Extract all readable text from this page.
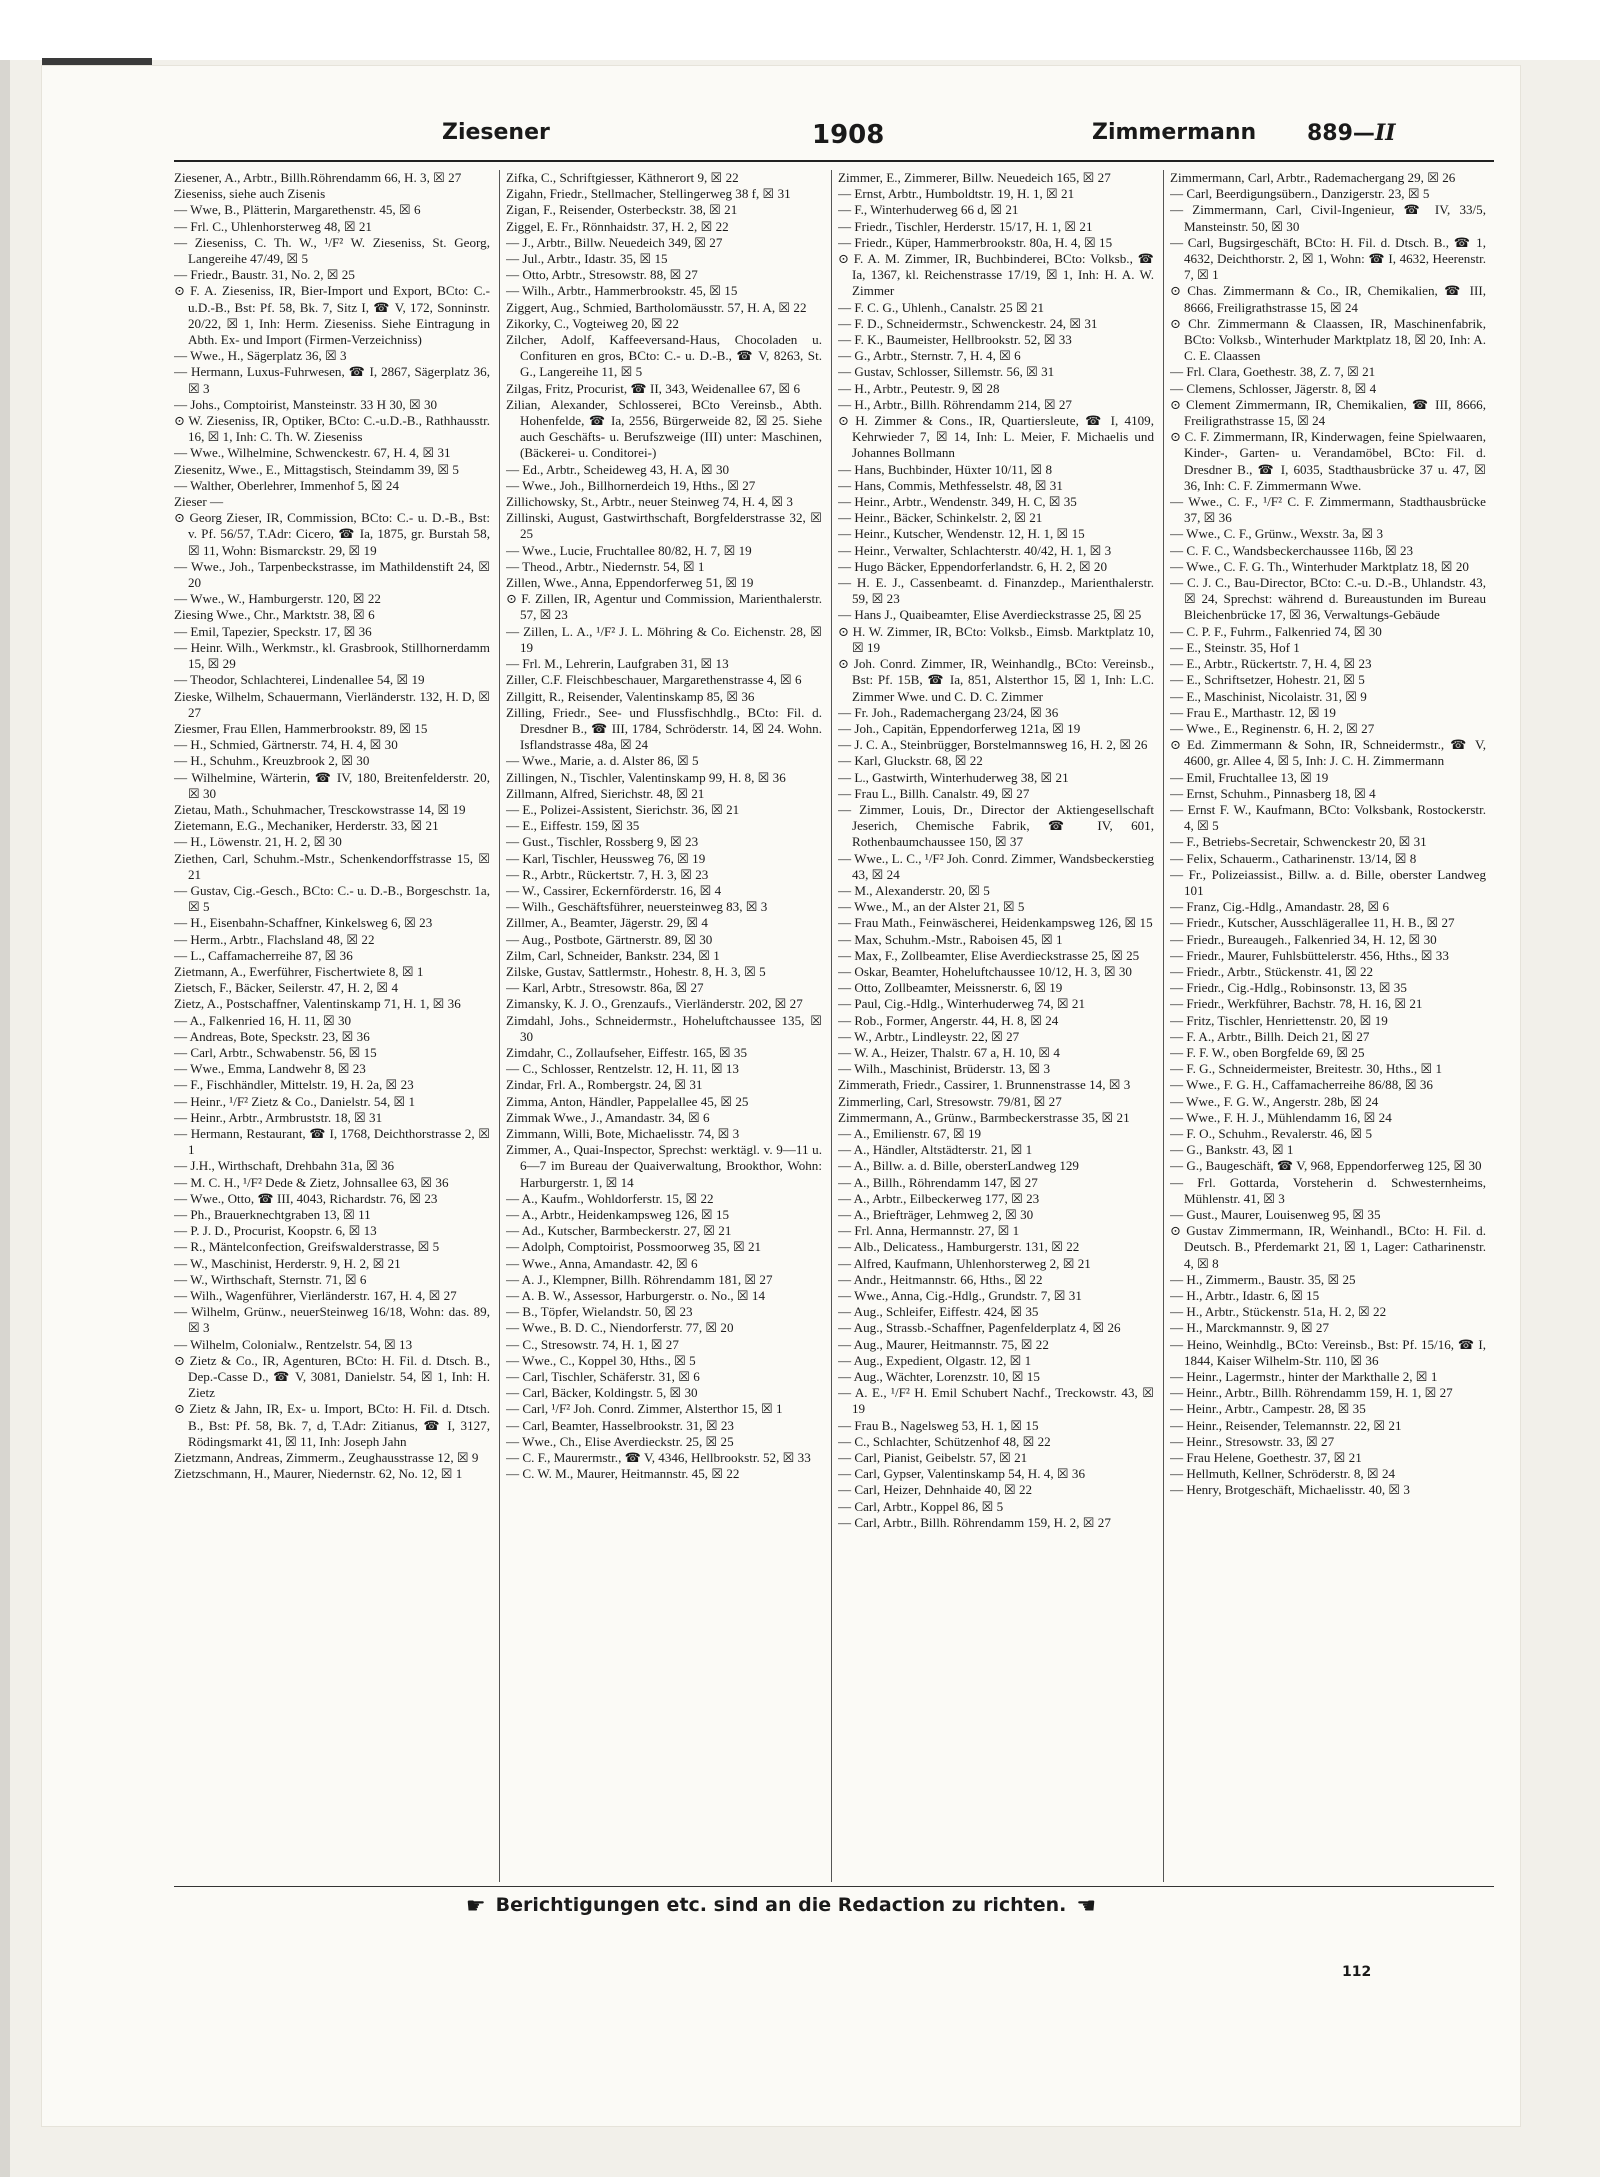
Ziesener	1908	Zimmermann 889—II

Ziesener, A., Arbtr., Billh.Röhrendamm 66, H. 3, ☒ 27

Zieseniss, siehe auch Zisenis

— Wwe, B., Plätterin, Margarethenstr. 45, ☒ 6

— Frl. C., Uhlenhorsterweg 48, ☒ 21

— Zieseniss, C. Th. W., ¹/F² W. Zieseniss, St. Georg, Langereihe 47/49, ☒ 5

— Friedr., Baustr. 31, No. 2, ☒ 25

⊙ F. A. Zieseniss, IR, Bier-Import und Export, BCto: C.-u.D.-B., Bst: Pf. 58, Bk. 7, Sitz I, ☎ V, 172, Sonninstr. 20/22, ☒ 1, Inh: Herm. Zieseniss. Siehe Eintragung in Abth. Ex- und Import (Firmen-Verzeichniss)

— Wwe., H., Sägerplatz 36, ☒ 3

— Hermann, Luxus-Fuhrwesen, ☎ I, 2867, Sägerplatz 36, ☒ 3

— Johs., Comptoirist, Mansteinstr. 33 H 30, ☒ 30

⊙ W. Zieseniss, IR, Optiker, BCto: C.-u.D.-B., Rathhausstr. 16, ☒ 1, Inh: C. Th. W. Zieseniss

— Wwe., Wilhelmine, Schwenckestr. 67, H. 4, ☒ 31

Ziesenitz, Wwe., E., Mittagstisch, Steindamm 39, ☒ 5

— Walther, Oberlehrer, Immenhof 5, ☒ 24

Zieser —

⊙ Georg Zieser, IR, Commission, BCto: C.- u. D.-B., Bst: v. Pf. 56/57, T.Adr: Cicero, ☎ Ia, 1875, gr. Burstah 58, ☒ 11, Wohn: Bismarckstr. 29, ☒ 19

— Wwe., Joh., Tarpenbeckstrasse, im Mathildenstift 24, ☒ 20

— Wwe., W., Hamburgerstr. 120, ☒ 22

Ziesing Wwe., Chr., Marktstr. 38, ☒ 6

— Emil, Tapezier, Speckstr. 17, ☒ 36

— Heinr. Wilh., Werkmstr., kl. Grasbrook, Stillhornerdamm 15, ☒ 29

— Theodor, Schlachterei, Lindenallee 54, ☒ 19

Zieske, Wilhelm, Schauermann, Vierländerstr. 132, H. D, ☒ 27

Ziesmer, Frau Ellen, Hammerbrookstr. 89, ☒ 15

— H., Schmied, Gärtnerstr. 74, H. 4, ☒ 30

— H., Schuhm., Kreuzbrook 2, ☒ 30

— Wilhelmine, Wärterin, ☎ IV, 180, Breitenfelderstr. 20, ☒ 30

Zietau, Math., Schuhmacher, Tresckowstrasse 14, ☒ 19

Zietemann, E.G., Mechaniker, Herderstr. 33, ☒ 21

— H., Löwenstr. 21, H. 2, ☒ 30

Ziethen, Carl, Schuhm.-Mstr., Schenkendorffstrasse 15, ☒ 21

— Gustav, Cig.-Gesch., BCto: C.- u. D.-B., Borgeschstr. 1a, ☒ 5

— H., Eisenbahn-Schaffner, Kinkelsweg 6, ☒ 23

— Herm., Arbtr., Flachsland 48, ☒ 22

— L., Caffamacherreihe 87, ☒ 36

Zietmann, A., Ewerführer, Fischertwiete 8, ☒ 1

Zietsch, F., Bäcker, Seilerstr. 47, H. 2, ☒ 4

Zietz, A., Postschaffner, Valentinskamp 71, H. 1, ☒ 36

— A., Falkenried 16, H. 11, ☒ 30

— Andreas, Bote, Speckstr. 23, ☒ 36

— Carl, Arbtr., Schwabenstr. 56, ☒ 15

— Wwe., Emma, Landwehr 8, ☒ 23

— F., Fischhändler, Mittelstr. 19, H. 2a, ☒ 23

— Heinr., ¹/F² Zietz & Co., Danielstr. 54, ☒ 1

— Heinr., Arbtr., Armbruststr. 18, ☒ 31

— Hermann, Restaurant, ☎ I, 1768, Deichthorstrasse 2, ☒ 1

— J.H., Wirthschaft, Drehbahn 31a, ☒ 36

— M. C. H., ¹/F² Dede & Zietz, Johnsallee 63, ☒ 36

— Wwe., Otto, ☎ III, 4043, Richardstr. 76, ☒ 23

— Ph., Brauerknechtgraben 13, ☒ 11

— P. J. D., Procurist, Koopstr. 6, ☒ 13

— R., Mäntelconfection, Greifswalderstrasse, ☒ 5

— W., Maschinist, Herderstr. 9, H. 2, ☒ 21

— W., Wirthschaft, Sternstr. 71, ☒ 6

— Wilh., Wagenführer, Vierländerstr. 167, H. 4, ☒ 27

— Wilhelm, Grünw., neuerSteinweg 16/18, Wohn: das. 89, ☒ 3

— Wilhelm, Colonialw., Rentzelstr. 54, ☒ 13

⊙ Zietz & Co., IR, Agenturen, BCto: H. Fil. d. Dtsch. B., Dep.-Casse D., ☎ V, 3081, Danielstr. 54, ☒ 1, Inh: H. Zietz

⊙ Zietz & Jahn, IR, Ex- u. Import, BCto: H. Fil. d. Dtsch. B., Bst: Pf. 58, Bk. 7, d, T.Adr: Zitianus, ☎ I, 3127, Rödingsmarkt 41, ☒ 11, Inh: Joseph Jahn

Zietzmann, Andreas, Zimmerm., Zeughausstrasse 12, ☒ 9

Zietzschmann, H., Maurer, Niedernstr. 62, No. 12, ☒ 1

Zifka, C., Schriftgiesser, Käthnerort 9, ☒ 22

Zigahn, Friedr., Stellmacher, Stellingerweg 38 f, ☒ 31

Zigan, F., Reisender, Osterbeckstr. 38, ☒ 21

Ziggel, E. Fr., Rönnhaidstr. 37, H. 2, ☒ 22

— J., Arbtr., Billw. Neuedeich 349, ☒ 27

— Jul., Arbtr., Idastr. 35, ☒ 15

— Otto, Arbtr., Stresowstr. 88, ☒ 27

— Wilh., Arbtr., Hammerbrookstr. 45, ☒ 15

Ziggert, Aug., Schmied, Bartholomäusstr. 57, H. A, ☒ 22

Zikorky, C., Vogteiweg 20, ☒ 22

Zilcher, Adolf, Kaffeeversand-Haus, Chocoladen u. Confituren en gros, BCto: C.- u. D.-B., ☎ V, 8263, St. G., Langereihe 11, ☒ 5

Zilgas, Fritz, Procurist, ☎ II, 343, Weidenallee 67, ☒ 6

Zilian, Alexander, Schlosserei, BCto Vereinsb., Abth. Hohenfelde, ☎ Ia, 2556, Bürgerweide 82, ☒ 25. Siehe auch Geschäfts- u. Berufszweige (III) unter: Maschinen, (Bäckerei- u. Conditorei-)

— Ed., Arbtr., Scheideweg 43, H. A, ☒ 30

— Wwe., Joh., Billhornerdeich 19, Hths., ☒ 27

Zillichowsky, St., Arbtr., neuer Steinweg 74, H. 4, ☒ 3

Zillinski, August, Gastwirthschaft, Borgfelderstrasse 32, ☒ 25

— Wwe., Lucie, Fruchtallee 80/82, H. 7, ☒ 19

— Theod., Arbtr., Niedernstr. 54, ☒ 1

Zillen, Wwe., Anna, Eppendorferweg 51, ☒ 19

⊙ F. Zillen, IR, Agentur und Commission, Marienthalerstr. 57, ☒ 23

— Zillen, L. A., ¹/F² J. L. Möhring & Co. Eichenstr. 28, ☒ 19

— Frl. M., Lehrerin, Laufgraben 31, ☒ 13

Ziller, C.F. Fleischbeschauer, Margarethenstrasse 4, ☒ 6

Zillgitt, R., Reisender, Valentinskamp 85, ☒ 36

Zilling, Friedr., See- und Flussfischhdlg., BCto: Fil. d. Dresdner B., ☎ III, 1784, Schröderstr. 14, ☒ 24. Wohn. Isflandstrasse 48a, ☒ 24

— Wwe., Marie, a. d. Alster 86, ☒ 5

Zillingen, N., Tischler, Valentinskamp 99, H. 8, ☒ 36

Zillmann, Alfred, Sierichstr. 48, ☒ 21

— E., Polizei-Assistent, Sierichstr. 36, ☒ 21

— E., Eiffestr. 159, ☒ 35

— Gust., Tischler, Rossberg 9, ☒ 23

— Karl, Tischler, Heussweg 76, ☒ 19

— R., Arbtr., Rückertstr. 7, H. 3, ☒ 23

— W., Cassirer, Eckernförderstr. 16, ☒ 4

— Wilh., Geschäftsführer, neuersteinweg 83, ☒ 3

Zillmer, A., Beamter, Jägerstr. 29, ☒ 4

— Aug., Postbote, Gärtnerstr. 89, ☒ 30

Zilm, Carl, Schneider, Bankstr. 234, ☒ 1

Zilske, Gustav, Sattlermstr., Hohestr. 8, H. 3, ☒ 5

— Karl, Arbtr., Stresowstr. 86a, ☒ 27

Zimansky, K. J. O., Grenzaufs., Vierländerstr. 202, ☒ 27

Zimdahl, Johs., Schneidermstr., Hoheluftchaussee 135, ☒ 30

Zimdahr, C., Zollaufseher, Eiffestr. 165, ☒ 35

— C., Schlosser, Rentzelstr. 12, H. 11, ☒ 13

Zindar, Frl. A., Rombergstr. 24, ☒ 31

Zimma, Anton, Händler, Pappelallee 45, ☒ 25

Zimmak Wwe., J., Amandastr. 34, ☒ 6

Zimmann, Willi, Bote, Michaelisstr. 74, ☒ 3

Zimmer, A., Quai-Inspector, Sprechst: werktägl. v. 9—11 u. 6—7 im Bureau der Quaiverwaltung, Brookthor, Wohn: Harburgerstr. 1, ☒ 14

— A., Kaufm., Wohldorferstr. 15, ☒ 22

— A., Arbtr., Heidenkampsweg 126, ☒ 15

— Ad., Kutscher, Barmbeckerstr. 27, ☒ 21

— Adolph, Comptoirist, Possmoorweg 35, ☒ 21

— Wwe., Anna, Amandastr. 42, ☒ 6

— A. J., Klempner, Billh. Röhrendamm 181, ☒ 27

— A. B. W., Assessor, Harburgerstr. o. No., ☒ 14

— B., Töpfer, Wielandstr. 50, ☒ 23

— Wwe., B. D. C., Niendorferstr. 77, ☒ 20

— C., Stresowstr. 74, H. 1, ☒ 27

— Wwe., C., Koppel 30, Hths., ☒ 5

— Carl, Tischler, Schäferstr. 31, ☒ 6

— Carl, Bäcker, Koldingstr. 5, ☒ 30

— Carl, ¹/F² Joh. Conrd. Zimmer, Alsterthor 15, ☒ 1

— Carl, Beamter, Hasselbrookstr. 31, ☒ 23

— Wwe., Ch., Elise Averdieckstr. 25, ☒ 25

— C. F., Maurermstr., ☎ V, 4346, Hellbrookstr. 52, ☒ 33

— C. W. M., Maurer, Heitmannstr. 45, ☒ 22

Zimmer, E., Zimmerer, Billw. Neuedeich 165, ☒ 27

— Ernst, Arbtr., Humboldtstr. 19, H. 1, ☒ 21

— F., Winterhuderweg 66 d, ☒ 21

— Friedr., Tischler, Herderstr. 15/17, H. 1, ☒ 21

— Friedr., Küper, Hammerbrookstr. 80a, H. 4, ☒ 15

⊙ F. A. M. Zimmer, IR, Buchbinderei, BCto: Volksb., ☎ Ia, 1367, kl. Reichenstrasse 17/19, ☒ 1, Inh: H. A. W. Zimmer

— F. C. G., Uhlenh., Canalstr. 25 ☒ 21

— F. D., Schneidermstr., Schwenckestr. 24, ☒ 31

— F. K., Baumeister, Hellbrookstr. 52, ☒ 33

— G., Arbtr., Sternstr. 7, H. 4, ☒ 6

— Gustav, Schlosser, Sillemstr. 56, ☒ 31

— H., Arbtr., Peutestr. 9, ☒ 28

— H., Arbtr., Billh. Röhrendamm 214, ☒ 27

⊙ H. Zimmer & Cons., IR, Quartiersleute, ☎ I, 4109, Kehrwieder 7, ☒ 14, Inh: L. Meier, F. Michaelis und Johannes Bollmann

— Hans, Buchbinder, Hüxter 10/11, ☒ 8

— Hans, Commis, Methfesselstr. 48, ☒ 31

— Heinr., Arbtr., Wendenstr. 349, H. C, ☒ 35

— Heinr., Bäcker, Schinkelstr. 2, ☒ 21

— Heinr., Kutscher, Wendenstr. 12, H. 1, ☒ 15

— Heinr., Verwalter, Schlachterstr. 40/42, H. 1, ☒ 3

— Hugo Bäcker, Eppendorferlandstr. 6, H. 2, ☒ 20

— H. E. J., Cassenbeamt. d. Finanzdep., Marienthalerstr. 59, ☒ 23

— Hans J., Quaibeamter, Elise Averdieckstrasse 25, ☒ 25

⊙ H. W. Zimmer, IR, BCto: Volksb., Eimsb. Marktplatz 10, ☒ 19

⊙ Joh. Conrd. Zimmer, IR, Weinhandlg., BCto: Vereinsb., Bst: Pf. 15B, ☎ Ia, 851, Alsterthor 15, ☒ 1, Inh: L.C. Zimmer Wwe. und C. D. C. Zimmer

— Fr. Joh., Rademachergang 23/24, ☒ 36

— Joh., Capitän, Eppendorferweg 121a, ☒ 19

— J. C. A., Steinbrügger, Borstelmannsweg 16, H. 2, ☒ 26

— Karl, Gluckstr. 68, ☒ 22

— L., Gastwirth, Winterhuderweg 38, ☒ 21

— Frau L., Billh. Canalstr. 49, ☒ 27

— Zimmer, Louis, Dr., Director der Aktiengesellschaft Jeserich, Chemische Fabrik, ☎ IV, 601, Rothenbaumchaussee 150, ☒ 37

— Wwe., L. C., ¹/F² Joh. Conrd. Zimmer, Wandsbeckerstieg 43, ☒ 24

— M., Alexanderstr. 20, ☒ 5

— Wwe., M., an der Alster 21, ☒ 5

— Frau Math., Feinwäscherei, Heidenkampsweg 126, ☒ 15

— Max, Schuhm.-Mstr., Raboisen 45, ☒ 1

— Max, F., Zollbeamter, Elise Averdieckstrasse 25, ☒ 25

— Oskar, Beamter, Hoheluftchaussee 10/12, H. 3, ☒ 30

— Otto, Zollbeamter, Meissnerstr. 6, ☒ 19

— Paul, Cig.-Hdlg., Winterhuderweg 74, ☒ 21

— Rob., Former, Angerstr. 44, H. 8, ☒ 24

— W., Arbtr., Lindleystr. 22, ☒ 27

— W. A., Heizer, Thalstr. 67 a, H. 10, ☒ 4

— Wilh., Maschinist, Brüderstr. 13, ☒ 3

Zimmerath, Friedr., Cassirer, 1. Brunnenstrasse 14, ☒ 3

Zimmerling, Carl, Stresowstr. 79/81, ☒ 27

Zimmermann, A., Grünw., Barmbeckerstrasse 35, ☒ 21

— A., Emilienstr. 67, ☒ 19

— A., Händler, Altstädterstr. 21, ☒ 1

— A., Billw. a. d. Bille, obersterLandweg 129

— A., Billh., Röhrendamm 147, ☒ 27

— A., Arbtr., Eilbeckerweg 177, ☒ 23

— A., Briefträger, Lehmweg 2, ☒ 30

— Frl. Anna, Hermannstr. 27, ☒ 1

— Alb., Delicatess., Hamburgerstr. 131, ☒ 22

— Alfred, Kaufmann, Uhlenhorsterweg 2, ☒ 21

— Andr., Heitmannstr. 66, Hths., ☒ 22

— Wwe., Anna, Cig.-Hdlg., Grundstr. 7, ☒ 31

— Aug., Schleifer, Eiffestr. 424, ☒ 35

— Aug., Strassb.-Schaffner, Pagenfelderplatz 4, ☒ 26

— Aug., Maurer, Heitmannstr. 75, ☒ 22

— Aug., Expedient, Olgastr. 12, ☒ 1

— Aug., Wächter, Lorenzstr. 10, ☒ 15

— A. E., ¹/F² H. Emil Schubert Nachf., Treckowstr. 43, ☒ 19

— Frau B., Nagelsweg 53, H. 1, ☒ 15

— C., Schlachter, Schützenhof 48, ☒ 22

— Carl, Pianist, Geibelstr. 57, ☒ 21

— Carl, Gypser, Valentinskamp 54, H. 4, ☒ 36

— Carl, Heizer, Dehnhaide 40, ☒ 22

— Carl, Arbtr., Koppel 86, ☒ 5

— Carl, Arbtr., Billh. Röhrendamm 159, H. 2, ☒ 27

Zimmermann, Carl, Arbtr., Rademachergang 29, ☒ 26

— Carl, Beerdigungsübern., Danzigerstr. 23, ☒ 5

— Zimmermann, Carl, Civil-Ingenieur, ☎ IV, 33/5, Mansteinstr. 50, ☒ 30

— Carl, Bugsirgeschäft, BCto: H. Fil. d. Dtsch. B., ☎ 1, 4632, Deichthorstr. 2, ☒ 1, Wohn: ☎ I, 4632, Heerenstr. 7, ☒ 1

⊙ Chas. Zimmermann & Co., IR, Chemikalien, ☎ III, 8666, Freiligrathstrasse 15, ☒ 24

⊙ Chr. Zimmermann & Claassen, IR, Maschinenfabrik, BCto: Volksb., Winterhuder Marktplatz 18, ☒ 20, Inh: A. C. E. Claassen

— Frl. Clara, Goethestr. 38, Z. 7, ☒ 21

— Clemens, Schlosser, Jägerstr. 8, ☒ 4

⊙ Clement Zimmermann, IR, Chemikalien, ☎ III, 8666, Freiligrathstrasse 15, ☒ 24

⊙ C. F. Zimmermann, IR, Kinderwagen, feine Spielwaaren, Kinder-, Garten- u. Verandamöbel, BCto: Fil. d. Dresdner B., ☎ I, 6035, Stadthausbrücke 37 u. 47, ☒ 36, Inh: C. F. Zimmermann Wwe.

— Wwe., C. F., ¹/F² C. F. Zimmermann, Stadthausbrücke 37, ☒ 36

— Wwe., C. F., Grünw., Wexstr. 3a, ☒ 3

— C. F. C., Wandsbeckerchaussee 116b, ☒ 23

— Wwe., C. F. G. Th., Winterhuder Marktplatz 18, ☒ 20

— C. J. C., Bau-Director, BCto: C.-u. D.-B., Uhlandstr. 43, ☒ 24, Sprechst: während d. Bureaustunden im Bureau Bleichenbrücke 17, ☒ 36, Verwaltungs-Gebäude

— C. P. F., Fuhrm., Falkenried 74, ☒ 30

— E., Steinstr. 35, Hof 1

— E., Arbtr., Rückertstr. 7, H. 4, ☒ 23

— E., Schriftsetzer, Hohestr. 21, ☒ 5

— E., Maschinist, Nicolaistr. 31, ☒ 9

— Frau E., Marthastr. 12, ☒ 19

— Wwe., E., Reginenstr. 6, H. 2, ☒ 27

⊙ Ed. Zimmermann & Sohn, IR, Schneidermstr., ☎ V, 4600, gr. Allee 4, ☒ 5, Inh: J. C. H. Zimmermann

— Emil, Fruchtallee 13, ☒ 19

— Ernst, Schuhm., Pinnasberg 18, ☒ 4

— Ernst F. W., Kaufmann, BCto: Volksbank, Rostockerstr. 4, ☒ 5

— F., Betriebs-Secretair, Schwenckestr 20, ☒ 31

— Felix, Schauerm., Catharinenstr. 13/14, ☒ 8

— Fr., Polizeiassist., Billw. a. d. Bille, oberster Landweg 101

— Franz, Cig.-Hdlg., Amandastr. 28, ☒ 6

— Friedr., Kutscher, Ausschlägerallee 11, H. B., ☒ 27

— Friedr., Bureaugeh., Falkenried 34, H. 12, ☒ 30

— Friedr., Maurer, Fuhlsbüttelerstr. 456, Hths., ☒ 33

— Friedr., Arbtr., Stückenstr. 41, ☒ 22

— Friedr., Cig.-Hdlg., Robinsonstr. 13, ☒ 35

— Friedr., Werkführer, Bachstr. 78, H. 16, ☒ 21

— Fritz, Tischler, Henriettenstr. 20, ☒ 19

— F. A., Arbtr., Billh. Deich 21, ☒ 27

— F. F. W., oben Borgfelde 69, ☒ 25

— F. G., Schneidermeister, Breitestr. 30, Hths., ☒ 1

— Wwe., F. G. H., Caffamacherreihe 86/88, ☒ 36

— Wwe., F. G. W., Angerstr. 28b, ☒ 24

— Wwe., F. H. J., Mühlendamm 16, ☒ 24

— F. O., Schuhm., Revalerstr. 46, ☒ 5

— G., Bankstr. 43, ☒ 1

— G., Baugeschäft, ☎ V, 968, Eppendorferweg 125, ☒ 30

— Frl. Gottarda, Vorsteherin d. Schwesternheims, Mühlenstr. 41, ☒ 3

— Gust., Maurer, Louisenweg 95, ☒ 35

⊙ Gustav Zimmermann, IR, Weinhandl., BCto: H. Fil. d. Deutsch. B., Pferdemarkt 21, ☒ 1, Lager: Catharinenstr. 4, ☒ 8

— H., Zimmerm., Baustr. 35, ☒ 25

— H., Arbtr., Idastr. 6, ☒ 15

— H., Arbtr., Stückenstr. 51a, H. 2, ☒ 22

— H., Marckmannstr. 9, ☒ 27

— Heino, Weinhdlg., BCto: Vereinsb., Bst: Pf. 15/16, ☎ I, 1844, Kaiser Wilhelm-Str. 110, ☒ 36

— Heinr., Lagermstr., hinter der Markthalle 2, ☒ 1

— Heinr., Arbtr., Billh. Röhrendamm 159, H. 1, ☒ 27

— Heinr., Arbtr., Campestr. 28, ☒ 35

— Heinr., Reisender, Telemannstr. 22, ☒ 21

— Heinr., Stresowstr. 33, ☒ 27

— Frau Helene, Goethestr. 37, ☒ 21

— Hellmuth, Kellner, Schröderstr. 8, ☒ 24

— Henry, Brotgeschäft, Michaelisstr. 40, ☒ 3

☛ Berichtigungen etc. sind an die Redaction zu richten. ☚
112
